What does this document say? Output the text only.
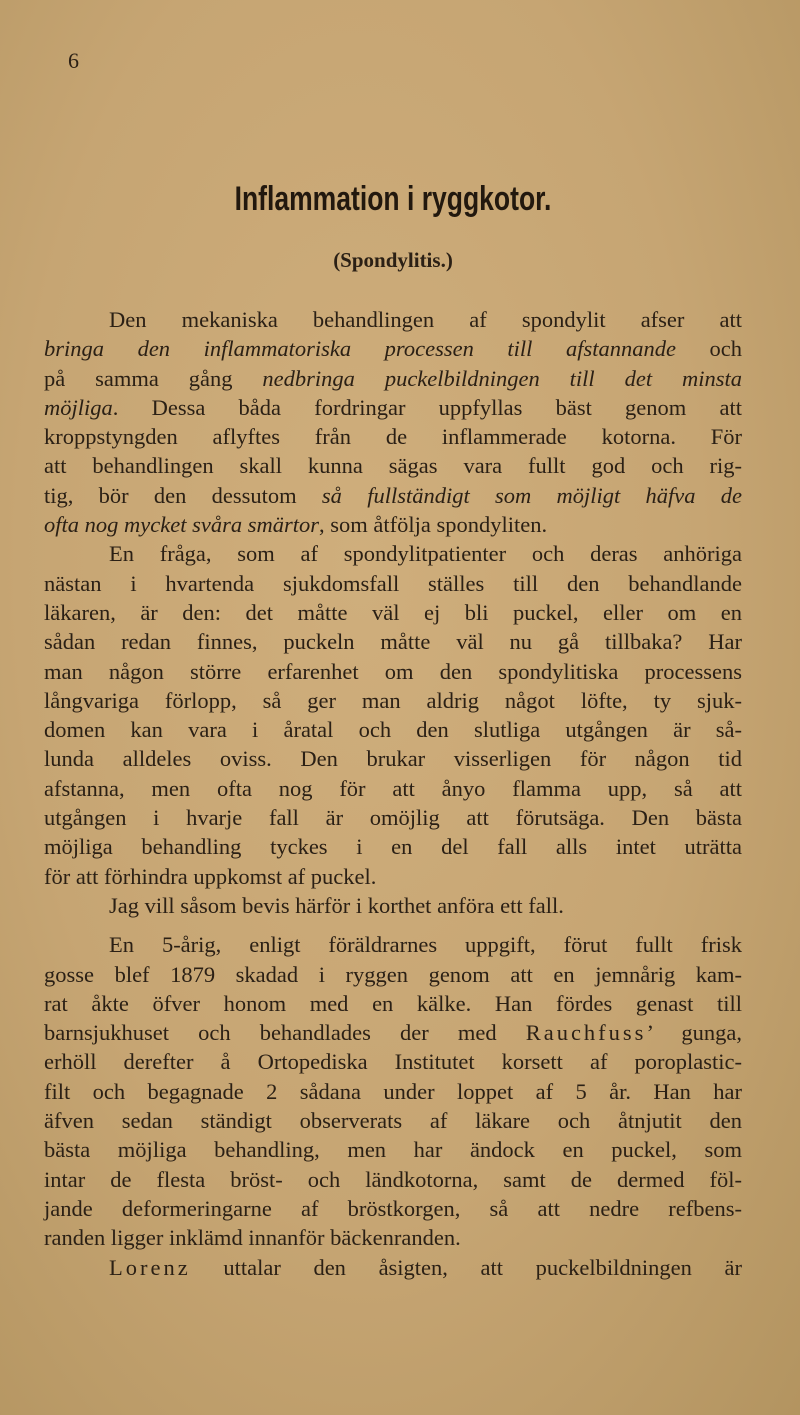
6
Inflammation i ryggkotor.
(Spondylitis.)
Den mekaniska behandlingen af spondylit afser att
bringa den inflammatoriska processen till afstannande och
på samma gång nedbringa puckelbildningen till det minsta
möjliga. Dessa båda fordringar uppfyllas bäst genom att
kroppstyngden aflyftes från de inflammerade kotorna. För
att behandlingen skall kunna sägas vara fullt god och rig-
tig, bör den dessutom så fullständigt som möjligt häfva de
ofta nog mycket svåra smärtor, som åtfölja spondyliten.
En fråga, som af spondylitpatienter och deras anhöriga
nästan i hvartenda sjukdomsfall ställes till den behandlande
läkaren, är den: det måtte väl ej bli puckel, eller om en
sådan redan finnes, puckeln måtte väl nu gå tillbaka? Har
man någon större erfarenhet om den spondylitiska processens
långvariga förlopp, så ger man aldrig något löfte, ty sjuk-
domen kan vara i åratal och den slutliga utgången är så-
lunda alldeles oviss. Den brukar visserligen för någon tid
afstanna, men ofta nog för att ånyo flamma upp, så att
utgången i hvarje fall är omöjlig att förutsäga. Den bästa
möjliga behandling tyckes i en del fall alls intet uträtta
för att förhindra uppkomst af puckel.
Jag vill såsom bevis härför i korthet anföra ett fall.
En 5-årig, enligt föräldrarnes uppgift, förut fullt frisk
gosse blef 1879 skadad i ryggen genom att en jemnårig kam-
rat åkte öfver honom med en kälke. Han fördes genast till
barnsjukhuset och behandlades der med Rauchfuss’ gunga,
erhöll derefter å Ortopediska Institutet korsett af poroplastic-
filt och begagnade 2 sådana under loppet af 5 år. Han har
äfven sedan ständigt observerats af läkare och åtnjutit den
bästa möjliga behandling, men har ändock en puckel, som
intar de flesta bröst- och ländkotorna, samt de dermed föl-
jande deformeringarne af bröstkorgen, så att nedre refbens-
randen ligger inklämd innanför bäckenranden.
Lorenz uttalar den åsigten, att puckelbildningen är
